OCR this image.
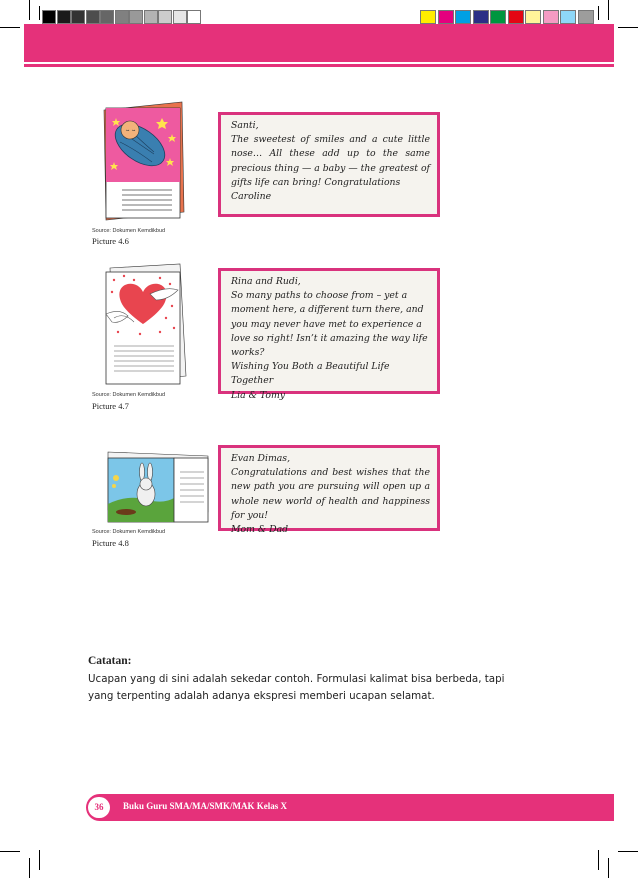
Source: Dokumen Kemdikbud
Picture 4.6
Santi,
The sweetest of smiles and a cute little nose… All these add up to the same precious thing — a baby — the greatest of gifts life can bring! Congratulations
Caroline
Source: Dokumen Kemdikbud
Picture 4.7
Rina and Rudi,
So many paths to choose from – yet a moment here, a different turn there, and you may never have met to experience a love so right! Isn’t it amazing the way life works?
Wishing You Both a Beautiful Life Together
Lia & Tomy
Source: Dokumen Kemdikbud
Picture 4.8
Evan Dimas,
Congratulations and best wishes that the new path you are pursuing will open up a whole new world of health and happiness for you!
Mom & Dad
Catatan:
Ucapan yang di sini adalah sekedar contoh. Formulasi kalimat bisa berbeda, tapi yang terpenting adalah adanya ekspresi memberi ucapan selamat.
36	Buku Guru SMA/MA/SMK/MAK Kelas X
